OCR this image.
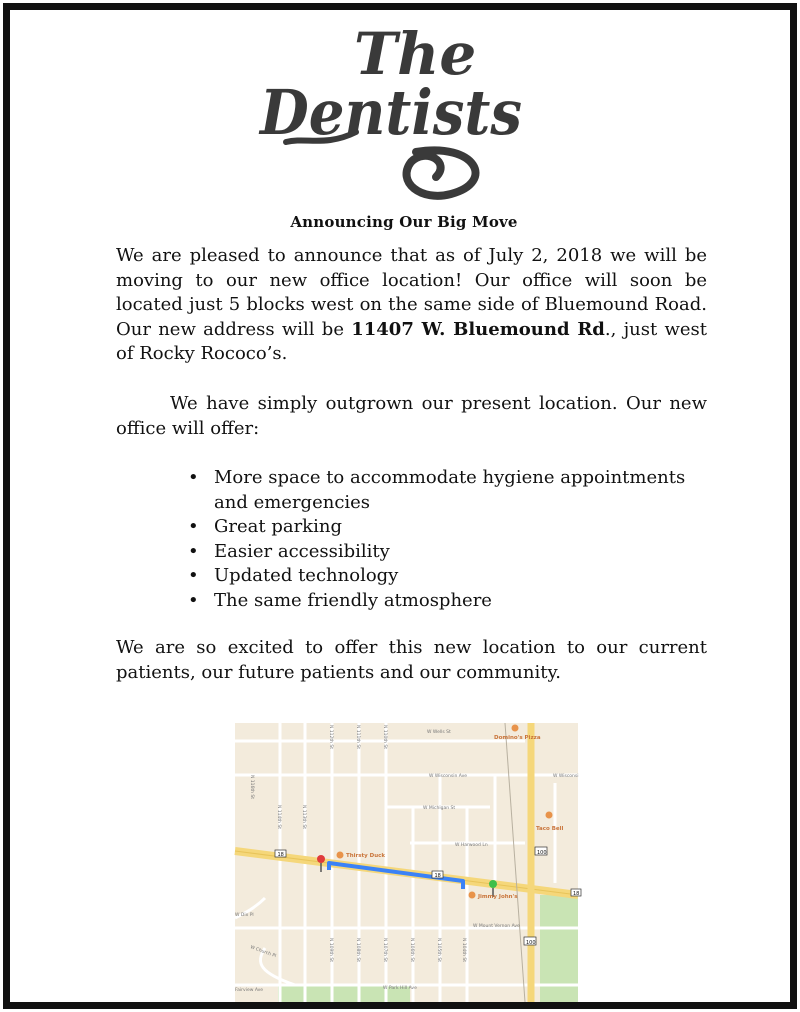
The
Dentists
Announcing Our Big Move
We are pleased to announce that as of July 2, 2018 we will be moving to our new office location! Our office will soon be located just 5 blocks west on the same side of Bluemound Road. Our new address will be 11407 W. Bluemound Rd., just west of Rocky Rococo’s.
We have simply outgrown our present location. Our new office will offer:
• More space to accommodate hygiene appointments and emergencies
• Great parking
• Easier accessibility
• Updated technology
• The same friendly atmosphere
We are so excited to offer this new location to our current patients, our future patients and our community.
18
18
100
100
18
Domino's Pizza
Taco Bell
Thirsty Duck
Jimmy John's
W Wells St
W Wisconsin Ave	W Wisconsi
W Michigan St
W Harwood Ln
W Mount Vernon Ave
W Dix Pl
W Park Hill Ave
Fairview Ave
W Church Pl
N 116th St
N 114th St	N 113th St
N 112th St	N 111th St	N 110th St
N 109th St	N 108th St	N 107th St	N 106th St	N 105th St	N 104th St
